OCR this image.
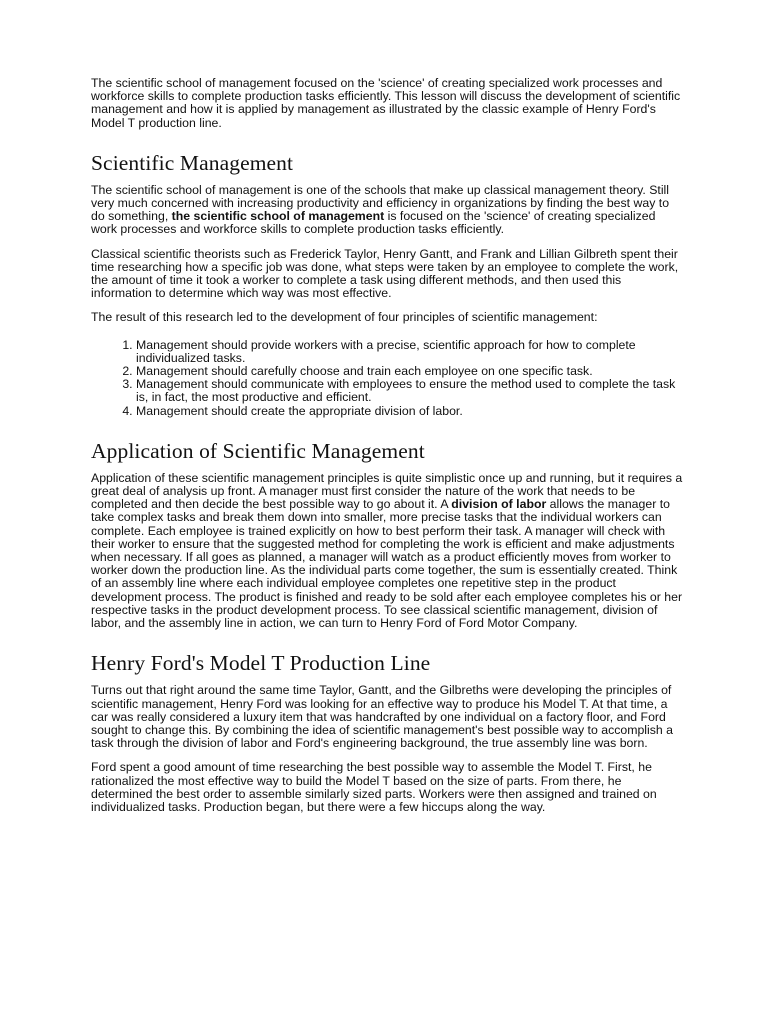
The scientific school of management focused on the 'science' of creating specialized work processes and workforce skills to complete production tasks efficiently. This lesson will discuss the development of scientific management and how it is applied by management as illustrated by the classic example of Henry Ford's Model T production line.

Scientific Management

The scientific school of management is one of the schools that make up classical management theory. Still very much concerned with increasing productivity and efficiency in organizations by finding the best way to do something, the scientific school of management is focused on the 'science' of creating specialized work processes and workforce skills to complete production tasks efficiently.

Classical scientific theorists such as Frederick Taylor, Henry Gantt, and Frank and Lillian Gilbreth spent their time researching how a specific job was done, what steps were taken by an employee to complete the work, the amount of time it took a worker to complete a task using different methods, and then used this information to determine which way was most effective.

The result of this research led to the development of four principles of scientific management:

1. Management should provide workers with a precise, scientific approach for how to complete individualized tasks.
2. Management should carefully choose and train each employee on one specific task.
3. Management should communicate with employees to ensure the method used to complete the task is, in fact, the most productive and efficient.
4. Management should create the appropriate division of labor.
Application of Scientific Management

Application of these scientific management principles is quite simplistic once up and running, but it requires a great deal of analysis up front. A manager must first consider the nature of the work that needs to be completed and then decide the best possible way to go about it. A division of labor allows the manager to take complex tasks and break them down into smaller, more precise tasks that the individual workers can complete. Each employee is trained explicitly on how to best perform their task. A manager will check with their worker to ensure that the suggested method for completing the work is efficient and make adjustments when necessary. If all goes as planned, a manager will watch as a product efficiently moves from worker to worker down the production line. As the individual parts come together, the sum is essentially created. Think of an assembly line where each individual employee completes one repetitive step in the product development process. The product is finished and ready to be sold after each employee completes his or her respective tasks in the product development process. To see classical scientific management, division of labor, and the assembly line in action, we can turn to Henry Ford of Ford Motor Company.

Henry Ford's Model T Production Line

Turns out that right around the same time Taylor, Gantt, and the Gilbreths were developing the principles of scientific management, Henry Ford was looking for an effective way to produce his Model T. At that time, a car was really considered a luxury item that was handcrafted by one individual on a factory floor, and Ford sought to change this. By combining the idea of scientific management's best possible way to accomplish a task through the division of labor and Ford's engineering background, the true assembly line was born.

Ford spent a good amount of time researching the best possible way to assemble the Model T. First, he rationalized the most effective way to build the Model T based on the size of parts. From there, he determined the best order to assemble similarly sized parts. Workers were then assigned and trained on individualized tasks. Production began, but there were a few hiccups along the way.
